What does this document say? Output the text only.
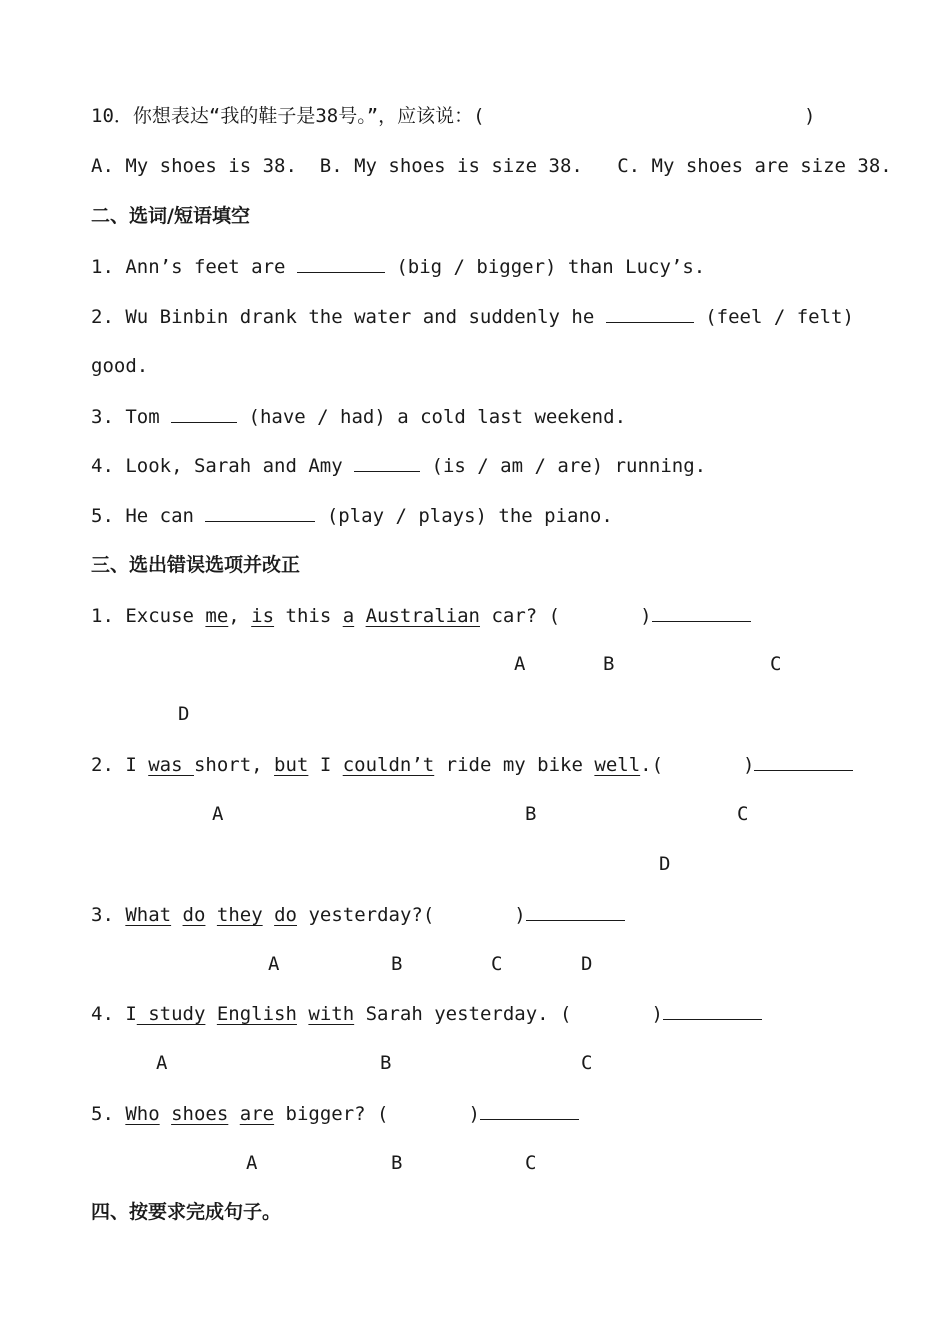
10．你想表达“我的鞋子是38号。”，应该说：(	)
A. My shoes is 38.  B. My shoes is size 38.   C. My shoes are size 38.
二、选词/短语填空
1. Ann’s feet are	(big / bigger) than Lucy’s.
2. Wu Binbin drank the water and suddenly he	(feel / felt)
good.
3. Tom	(have / had) a cold last weekend.
4. Look, Sarah and Amy	(is / am / are) running.
5. He can	(play / plays) the piano.
三、选出错误选项并改正
1. Excuse me, is this a Australian car? (	)
A	B	C
D
2. I was short, but I couldn’t ride my bike well.(	)
A	B	C
D
3. What do they do yesterday?(	)
A	B	C	D
4. I study English with Sarah yesterday. (	)
A	B	C
5. Who shoes are bigger? (	)
A	B	C
四、按要求完成句子。
